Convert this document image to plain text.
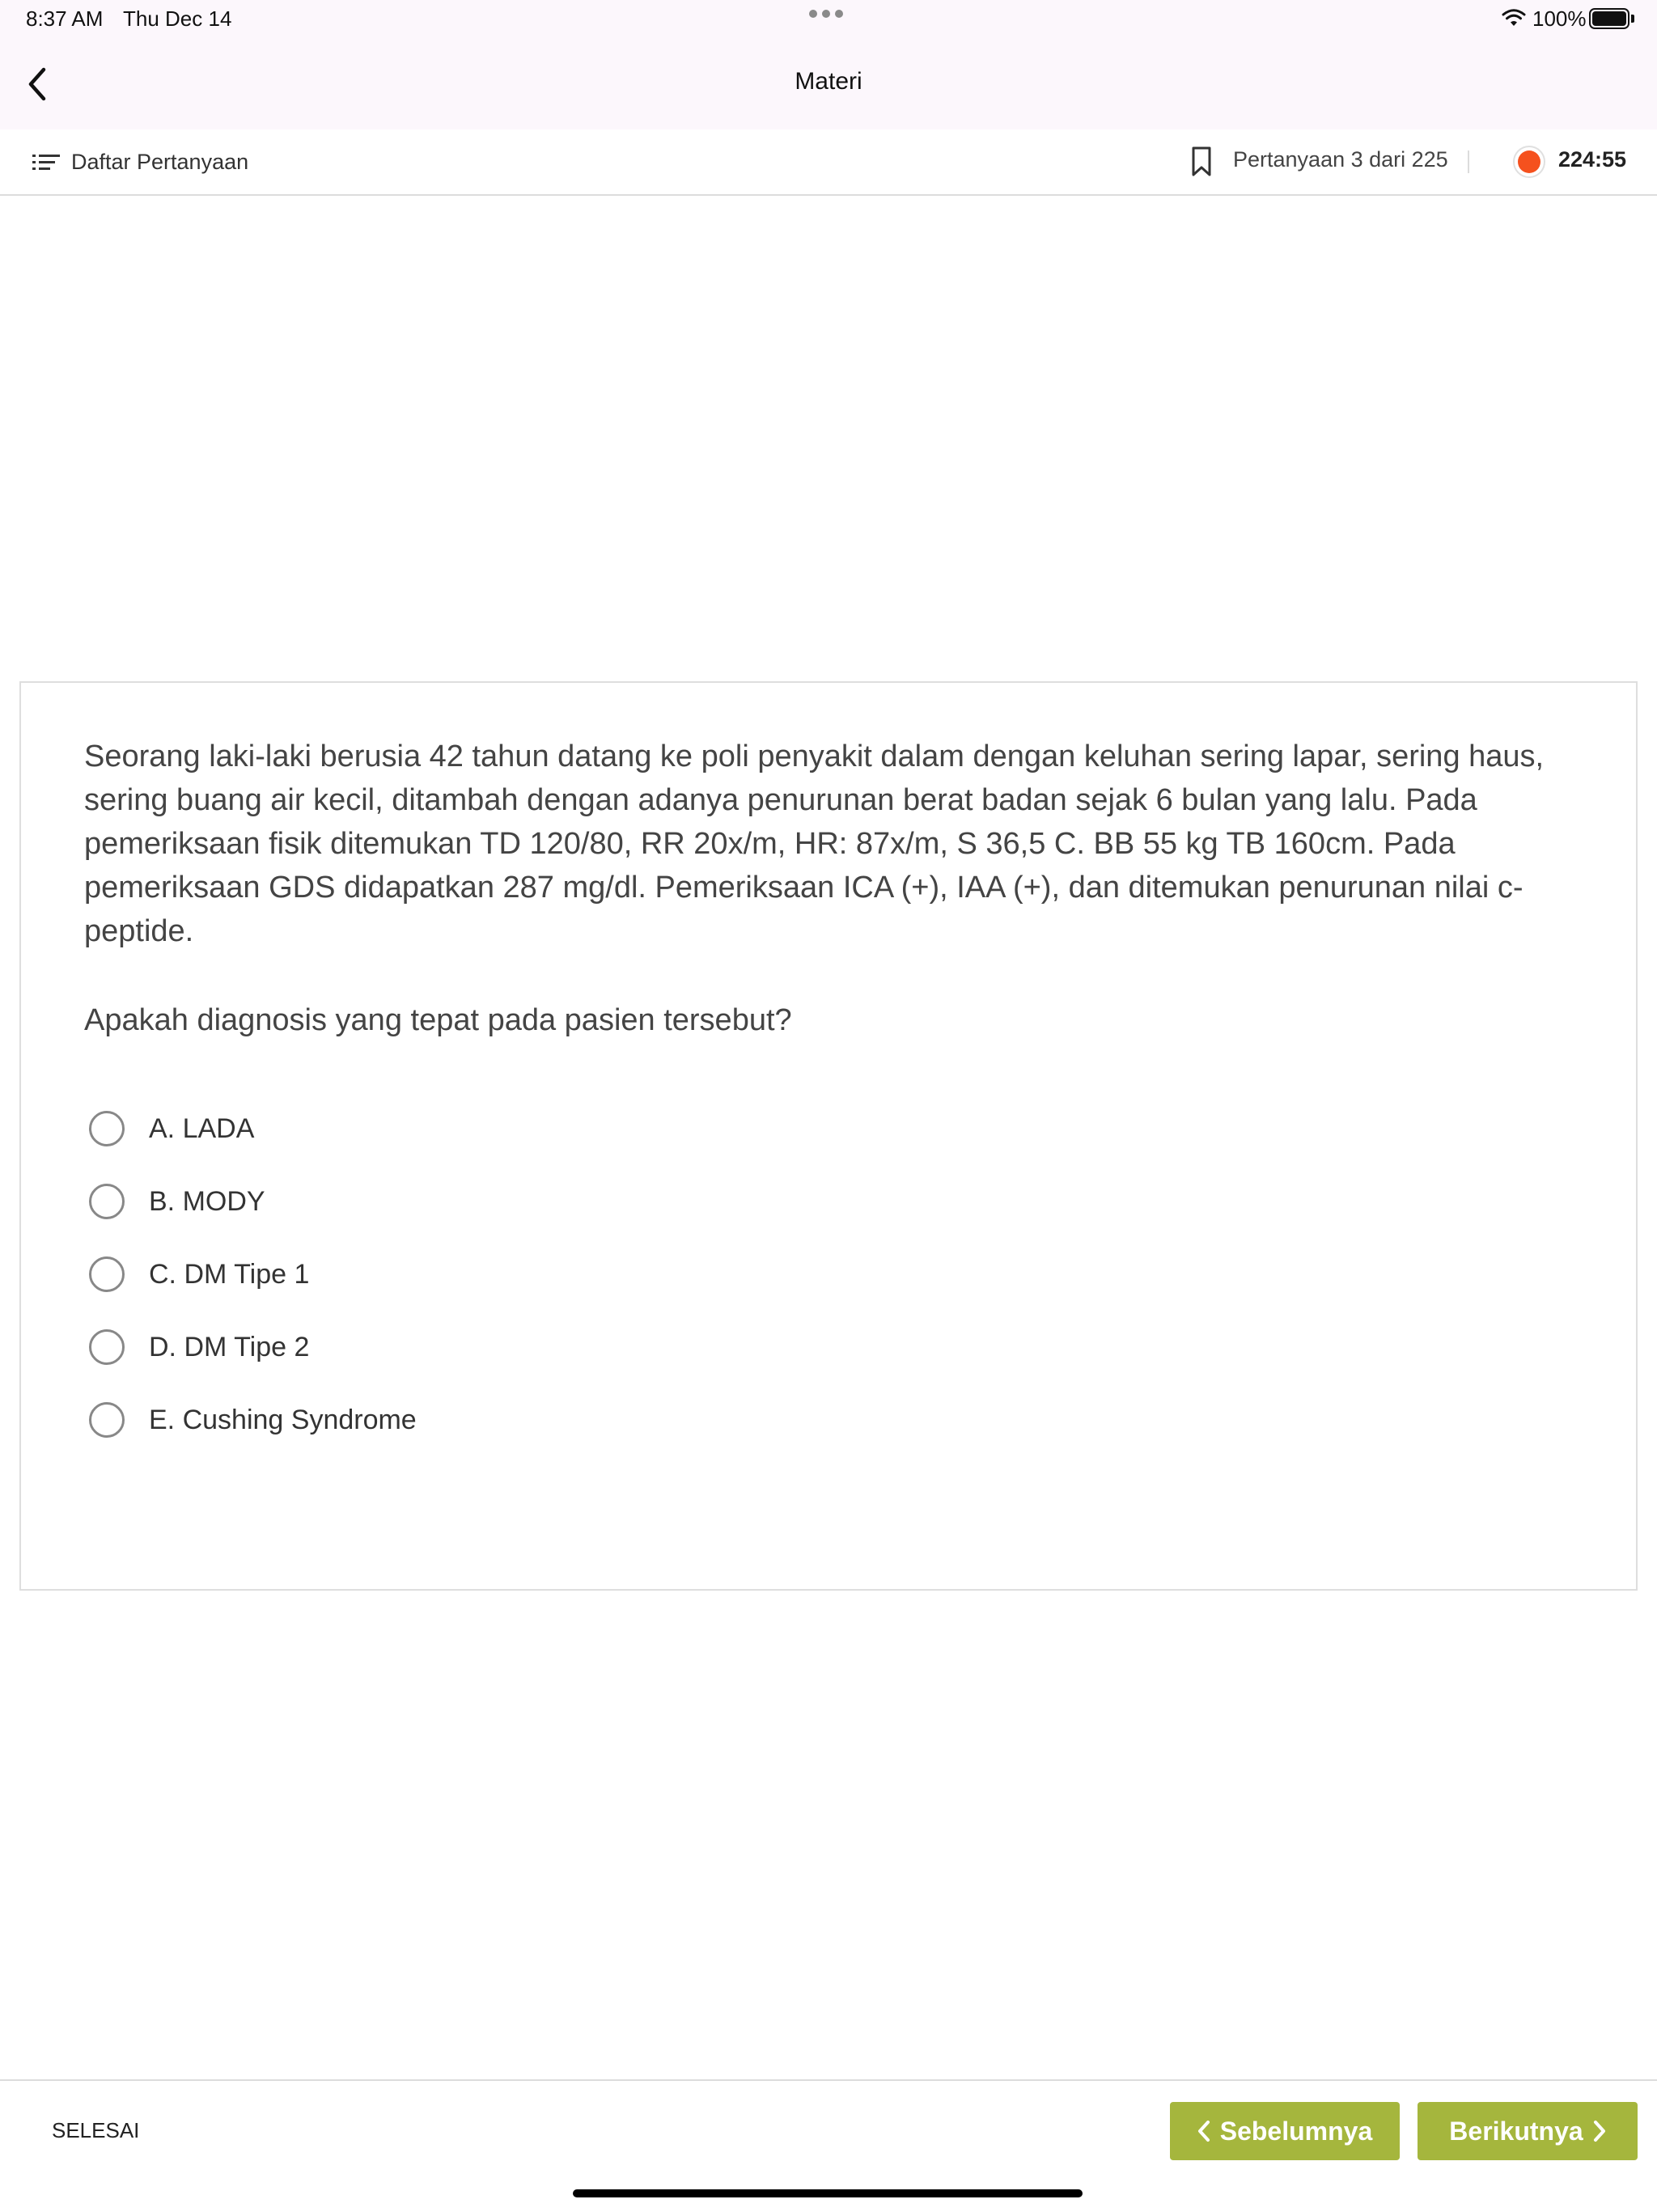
8:37 AM Thu Dec 14	100%
Materi
Daftar Pertanyaan	Pertanyaan 3 dari 225	224:55
Seorang laki-laki berusia 42 tahun datang ke poli penyakit dalam dengan keluhan sering lapar, sering haus, sering buang air kecil, ditambah dengan adanya penurunan berat badan sejak 6 bulan yang lalu. Pada pemeriksaan fisik ditemukan TD 120/80, RR 20x/m, HR: 87x/m, S 36,5 C. BB 55 kg TB 160cm. Pada pemeriksaan GDS didapatkan 287 mg/dl. Pemeriksaan ICA (+), IAA (+), dan ditemukan penurunan nilai c-peptide.
Apakah diagnosis yang tepat pada pasien tersebut?
A. LADA
B. MODY
C. DM Tipe 1
D. DM Tipe 2
E. Cushing Syndrome
SELESAI	Sebelumnya	Berikutnya
